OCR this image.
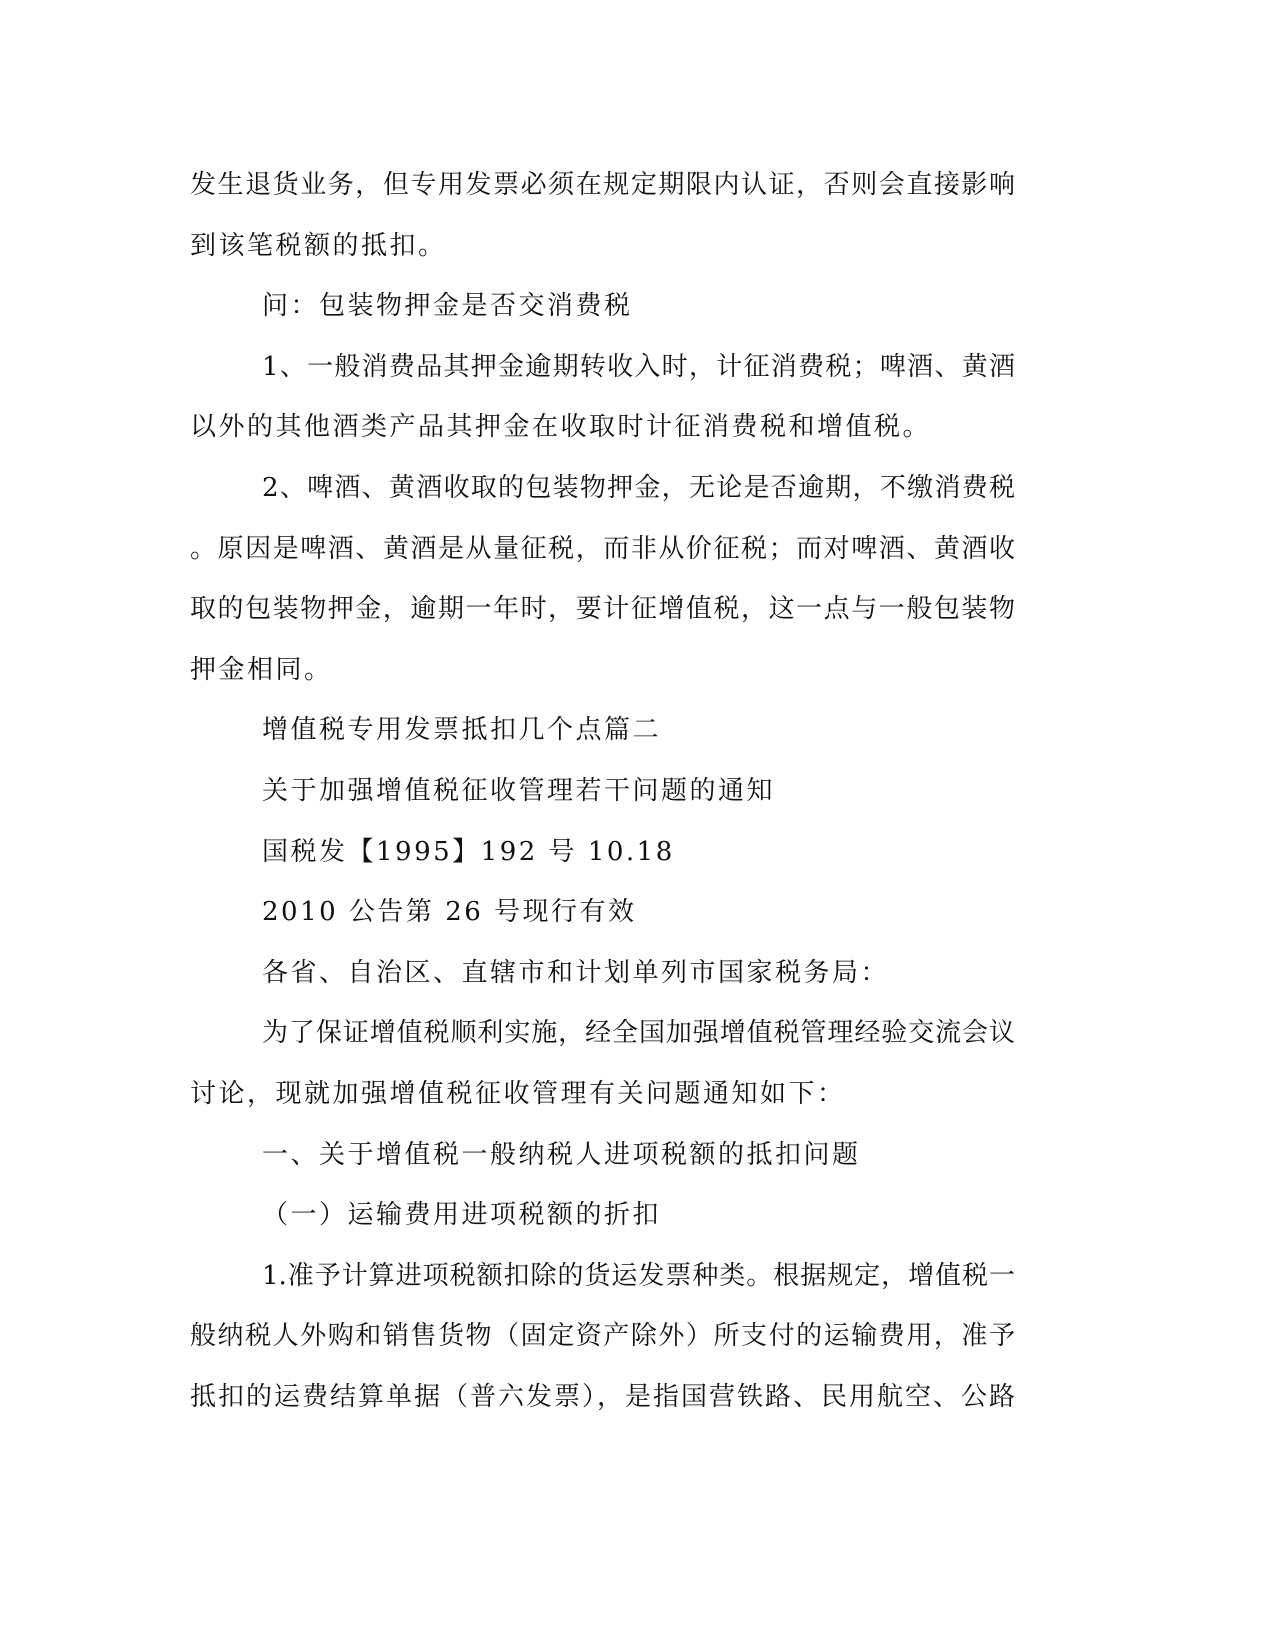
发生退货业务，但专用发票必须在规定期限内认证，否则会直接影响
到该笔税额的抵扣。
问：包装物押金是否交消费税
1、一般消费品其押金逾期转收入时，计征消费税；啤酒、黄酒
以外的其他酒类产品其押金在收取时计征消费税和增值税。
2、啤酒、黄酒收取的包装物押金，无论是否逾期，不缴消费税
。原因是啤酒、黄酒是从量征税，而非从价征税；而对啤酒、黄酒收
取的包装物押金，逾期一年时，要计征增值税，这一点与一般包装物
押金相同。
增值税专用发票抵扣几个点篇二
关于加强增值税征收管理若干问题的通知
国税发【1995】192 号 10.18
2010 公告第 26 号现行有效
各省、自治区、直辖市和计划单列市国家税务局：
为了保证增值税顺利实施，经全国加强增值税管理经验交流会议
讨论，现就加强增值税征收管理有关问题通知如下：
一、关于增值税一般纳税人进项税额的抵扣问题
（一）运输费用进项税额的折扣
1.准予计算进项税额扣除的货运发票种类。根据规定，增值税一
般纳税人外购和销售货物（固定资产除外）所支付的运输费用，准予
抵扣的运费结算单据（普六发票），是指国营铁路、民用航空、公路
